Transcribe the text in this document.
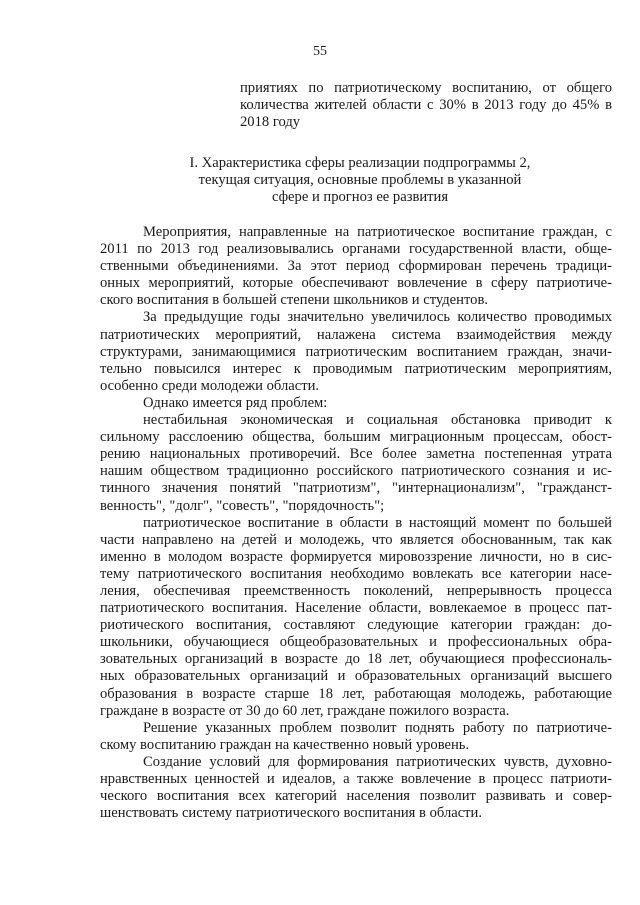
55
приятиях по патриотическому воспитанию, от общего
количества жителей области с 30% в 2013 году до 45% в
2018 году
I. Характеристика сферы реализации подпрограммы 2,
текущая ситуация, основные проблемы в указанной
сфере и прогноз ее развития
Мероприятия, направленные на патриотическое воспитание граждан, с
2011 по 2013 год реализовывались органами государственной власти, обще-
ственными объединениями. За этот период сформирован перечень традици-
онных мероприятий, которые обеспечивают вовлечение в сферу патриотиче-
ского воспитания в большей степени школьников и студентов.
За предыдущие годы значительно увеличилось количество проводимых
патриотических мероприятий, налажена система взаимодействия между
структурами, занимающимися патриотическим воспитанием граждан, значи-
тельно повысился интерес к проводимым патриотическим мероприятиям,
особенно среди молодежи области.
Однако имеется ряд проблем:
нестабильная экономическая и социальная обстановка приводит к
сильному расслоению общества, большим миграционным процессам, обост-
рению национальных противоречий. Все более заметна постепенная утрата
нашим обществом традиционно российского патриотического сознания и ис-
тинного значения понятий "патриотизм", "интернационализм", "гражданст-
венность", "долг", "совесть", "порядочность";
патриотическое воспитание в области в настоящий момент по большей
части направлено на детей и молодежь, что является обоснованным, так как
именно в молодом возрасте формируется мировоззрение личности, но в сис-
тему патриотического воспитания необходимо вовлекать все категории насе-
ления, обеспечивая преемственность поколений, непрерывность процесса
патриотического воспитания. Население области, вовлекаемое в процесс пат-
риотического воспитания, составляют следующие категории граждан: до-
школьники, обучающиеся общеобразовательных и профессиональных обра-
зовательных организаций в возрасте до 18 лет, обучающиеся профессиональ-
ных образовательных организаций и образовательных организаций высшего
образования в возрасте старше 18 лет, работающая молодежь, работающие
граждане в возрасте от 30 до 60 лет, граждане пожилого возраста.
Решение указанных проблем позволит поднять работу по патриотиче-
скому воспитанию граждан на качественно новый уровень.
Создание условий для формирования патриотических чувств, духовно-
нравственных ценностей и идеалов, а также вовлечение в процесс патриоти-
ческого воспитания всех категорий населения позволит развивать и совер-
шенствовать систему патриотического воспитания в области.
